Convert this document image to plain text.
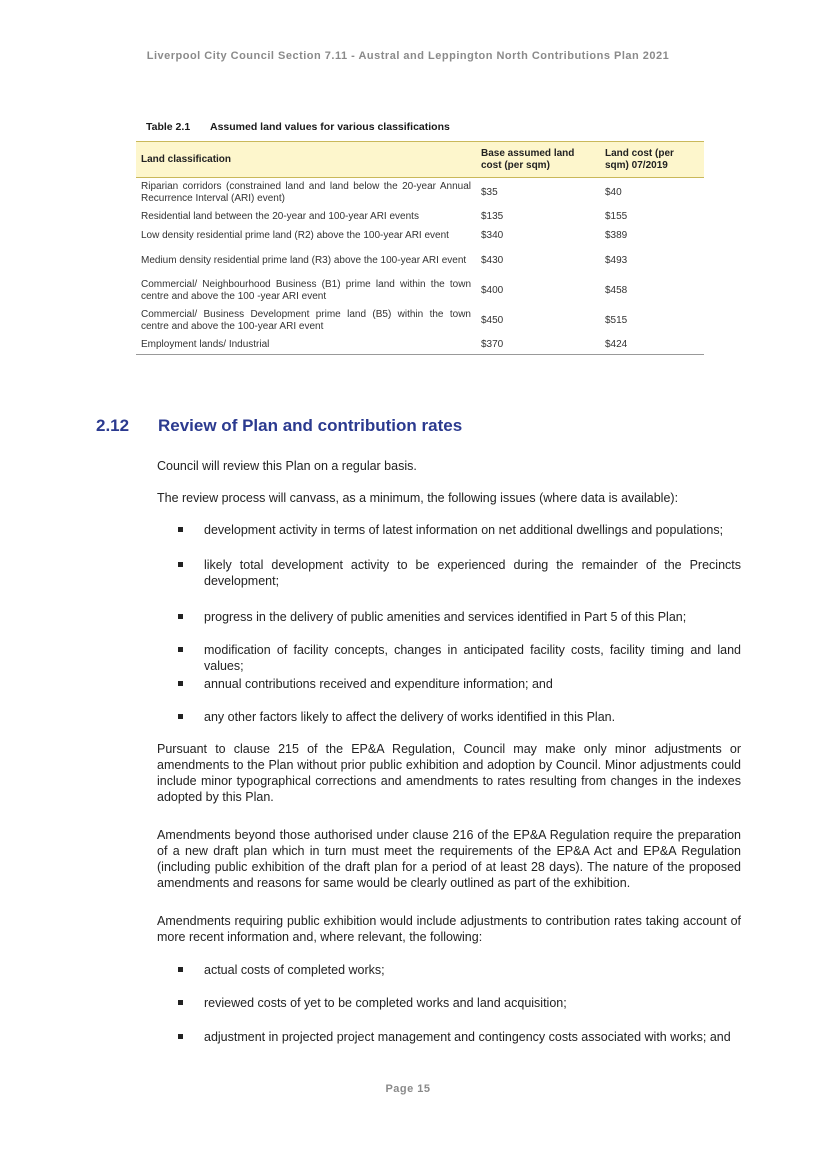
Liverpool City Council Section 7.11 - Austral and Leppington North Contributions Plan 2021
Table 2.1 Assumed land values for various classifications
Land classification	Base assumed land cost (per sqm)	Land cost (per sqm) 07/2019
Riparian corridors (constrained land and land below the 20-year Annual Recurrence Interval (ARI) event)	$35	$40
Residential land between the 20-year and 100-year ARI events	$135	$155
Low density residential prime land (R2) above the 100-year ARI event	$340	$389
Medium density residential prime land (R3) above the 100-year ARI event	$430	$493
Commercial/ Neighbourhood Business (B1) prime land within the town centre and above the 100 -year ARI event	$400	$458
Commercial/ Business Development prime land (B5) within the town centre and above the 100-year ARI event	$450	$515
Employment lands/ Industrial	$370	$424
2.12 Review of Plan and contribution rates
Council will review this Plan on a regular basis.
The review process will canvass, as a minimum, the following issues (where data is available):
development activity in terms of latest information on net additional dwellings and populations;
likely total development activity to be experienced during the remainder of the Precincts development;
progress in the delivery of public amenities and services identified in Part 5 of this Plan;
modification of facility concepts, changes in anticipated facility costs, facility timing and land values;
annual contributions received and expenditure information; and
any other factors likely to affect the delivery of works identified in this Plan.
Pursuant to clause 215 of the EP&A Regulation, Council may make only minor adjustments or amendments to the Plan without prior public exhibition and adoption by Council. Minor adjustments could include minor typographical corrections and amendments to rates resulting from changes in the indexes adopted by this Plan.
Amendments beyond those authorised under clause 216 of the EP&A Regulation require the preparation of a new draft plan which in turn must meet the requirements of the EP&A Act and EP&A Regulation (including public exhibition of the draft plan for a period of at least 28 days). The nature of the proposed amendments and reasons for same would be clearly outlined as part of the exhibition.
Amendments requiring public exhibition would include adjustments to contribution rates taking account of more recent information and, where relevant, the following:
actual costs of completed works;
reviewed costs of yet to be completed works and land acquisition;
adjustment in projected project management and contingency costs associated with works; and
Page 15
